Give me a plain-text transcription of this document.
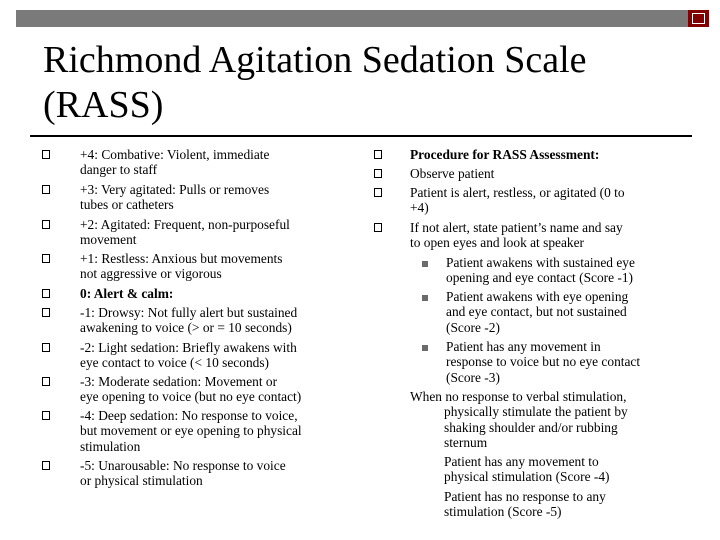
Richmond Agitation Sedation Scale
(RASS)
+4: Combative: Violent, immediate
danger to staff
+3: Very agitated: Pulls or removes
tubes or catheters
+2: Agitated: Frequent, non-purposeful
movement
+1: Restless: Anxious but movements
not aggressive or vigorous
0: Alert & calm:
-1: Drowsy: Not fully alert but sustained
awakening to voice (> or = 10 seconds)
-2: Light sedation: Briefly awakens with
eye contact to voice (< 10 seconds)
-3: Moderate sedation: Movement or
eye opening to voice (but no eye contact)
-4: Deep sedation: No response to voice,
but movement or eye opening to physical
stimulation
-5: Unarousable: No response to voice
or physical stimulation
Procedure for RASS Assessment:
Observe patient
Patient is alert, restless, or agitated (0 to
+4)
If not alert, state patient’s name and say
to open eyes and look at speaker
Patient awakens with sustained eye
opening and eye contact (Score -1)
Patient awakens with eye opening
and eye contact, but not sustained
(Score -2)
Patient has any movement in
response to voice but no eye contact
(Score -3)
When no response to verbal stimulation,
physically stimulate the patient by
shaking shoulder and/or rubbing
sternum
Patient has any movement to
physical stimulation (Score -4)
Patient has no response to any
stimulation (Score -5)
